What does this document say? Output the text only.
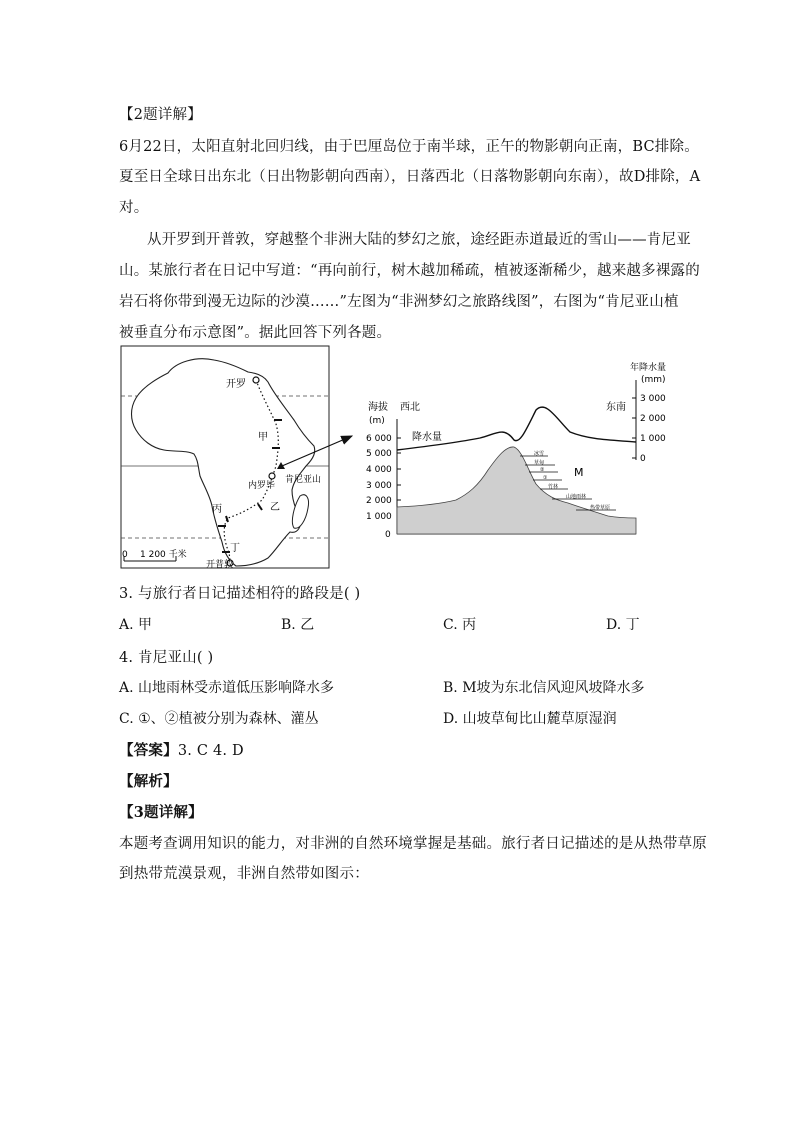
【2题详解】
6月22日，太阳直射北回归线，由于巴厘岛位于南半球，正午的物影朝向正南，BC排除。
夏至日全球日出东北（日出物影朝向西南），日落西北（日落物影朝向东南），故D排除，A
对。
从开罗到开普敦，穿越整个非洲大陆的梦幻之旅，途经距赤道最近的雪山——肯尼亚
山。某旅行者在日记中写道：“再向前行，树木越加稀疏，植被逐渐稀少，越来越多裸露的
岩石将你带到漫无边际的沙漠……”左图为“非洲梦幻之旅路线图”，右图为“肯尼亚山植
被垂直分布示意图”。据此回答下列各题。
开罗
甲
肯尼亚山
内罗毕
乙
丙
丁
开普敦
0 1 200 千米
6 000
5 000
4 000
3 000
2 000
1 000
0
3 000
2 000
1 000
0
海拔
(m)
西北	东南
年降水量
(mm)
降水量
冰雪
草甸
②
①
竹林
山地雨林
热带草原
M
3. 与旅行者日记描述相符的路段是( )
A. 甲	B. 乙	C. 丙	D. 丁
4. 肯尼亚山( )
A. 山地雨林受赤道低压影响降水多	B. M坡为东北信风迎风坡降水多
C. ①、②植被分别为森林、灌丛	D. 山坡草甸比山麓草原湿润
【答案】3. C 4. D
【解析】
【3题详解】
本题考查调用知识的能力，对非洲的自然环境掌握是基础。旅行者日记描述的是从热带草原
到热带荒漠景观，非洲自然带如图示：
